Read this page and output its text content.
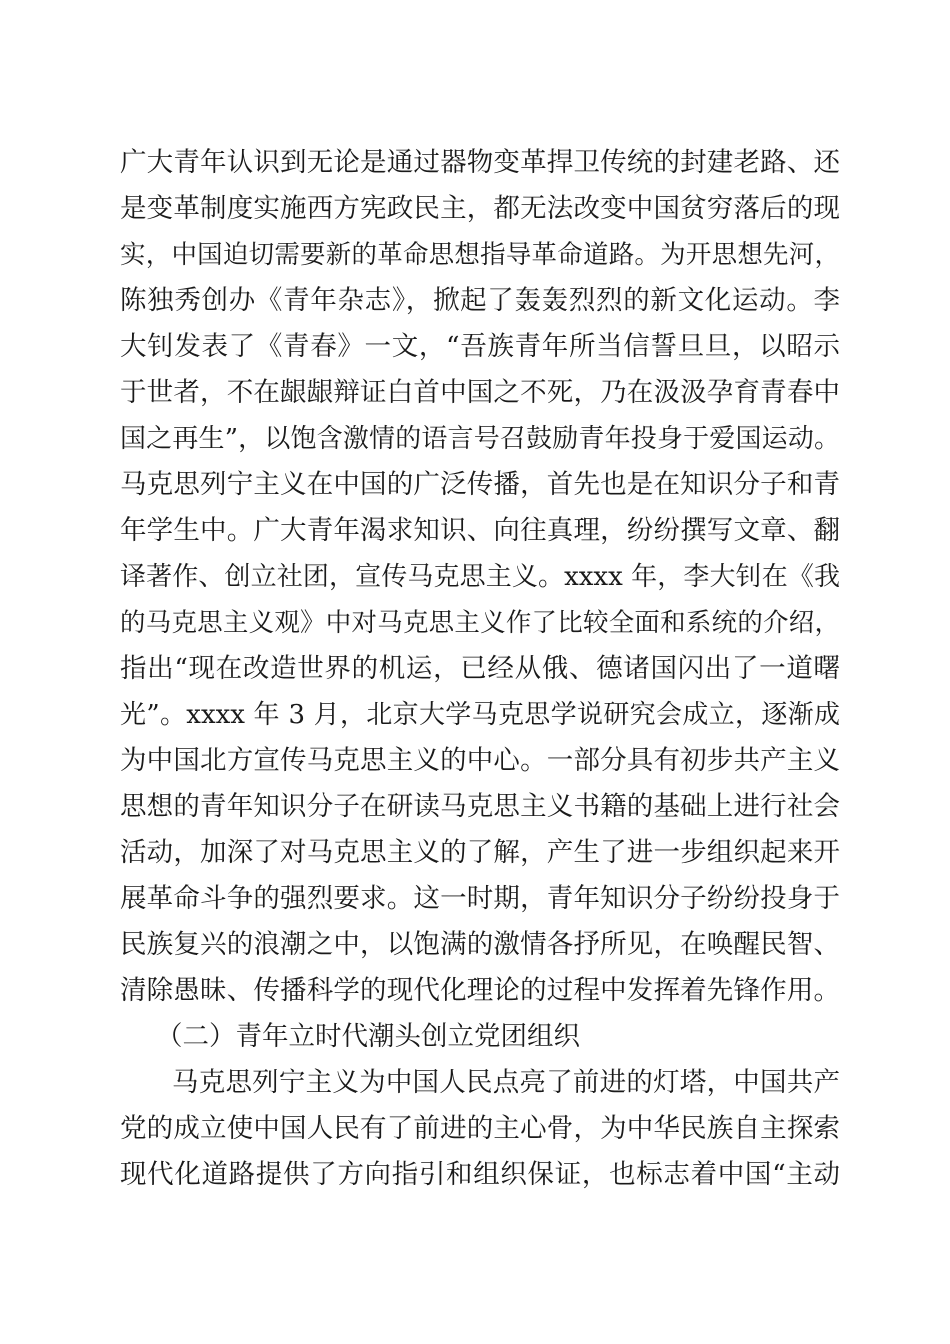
广大青年认识到无论是通过器物变革捍卫传统的封建老路、还
是变革制度实施西方宪政民主，都无法改变中国贫穷落后的现
实，中国迫切需要新的革命思想指导革命道路。为开思想先河，
陈独秀创办《青年杂志》，掀起了轰轰烈烈的新文化运动。李
大钊发表了《青春》一文，“吾族青年所当信誓旦旦，以昭示
于世者，不在龈龈辩证白首中国之不死，乃在汲汲孕育青春中
国之再生”，以饱含激情的语言号召鼓励青年投身于爱国运动。
马克思列宁主义在中国的广泛传播，首先也是在知识分子和青
年学生中。广大青年渴求知识、向往真理，纷纷撰写文章、翻
译著作、创立社团，宣传马克思主义。xxxx 年，李大钊在《我
的马克思主义观》中对马克思主义作了比较全面和系统的介绍，
指出“现在改造世界的机运，已经从俄、德诸国闪出了一道曙
光”。xxxx 年 3 月，北京大学马克思学说研究会成立，逐渐成
为中国北方宣传马克思主义的中心。一部分具有初步共产主义
思想的青年知识分子在研读马克思主义书籍的基础上进行社会
活动，加深了对马克思主义的了解，产生了进一步组织起来开
展革命斗争的强烈要求。这一时期，青年知识分子纷纷投身于
民族复兴的浪潮之中，以饱满的激情各抒所见，在唤醒民智、
清除愚昧、传播科学的现代化理论的过程中发挥着先锋作用。
（二）青年立时代潮头创立党团组织
马克思列宁主义为中国人民点亮了前进的灯塔，中国共产
党的成立使中国人民有了前进的主心骨，为中华民族自主探索
现代化道路提供了方向指引和组织保证，也标志着中国“主动
